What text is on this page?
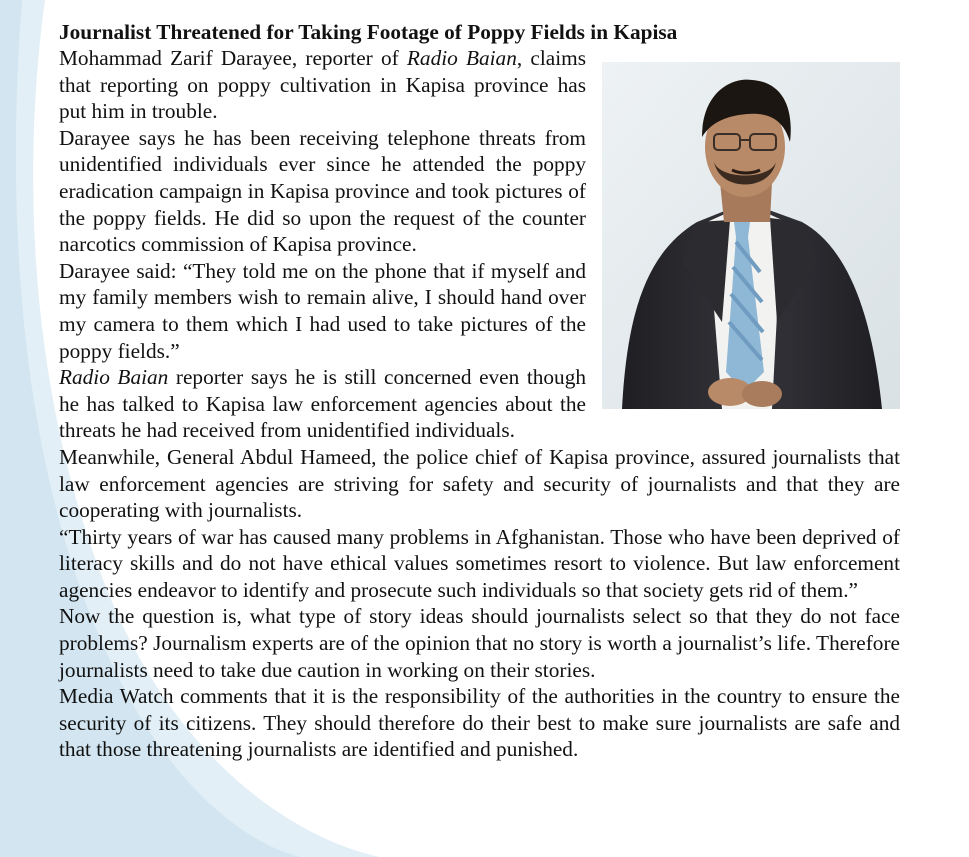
Journalist Threatened for Taking Footage of Poppy Fields in Kapisa

Mohammad Zarif Darayee, reporter of Radio Baian, claims that reporting on poppy cultivation in Kapisa province has put him in trouble.

Darayee says he has been receiving telephone threats from unidentified individuals ever since he attended the poppy eradication campaign in Kapisa province and took pictures of the poppy fields. He did so upon the request of the counter narcotics commission of Kapisa province.

Darayee said: “They told me on the phone that if myself and my family members wish to remain alive, I should hand over my camera to them which I had used to take pictures of the poppy fields.”

Radio Baian reporter says he is still concerned even though he has talked to Kapisa law enforcement agencies about the threats he had received from unidentified individuals.

Meanwhile, General Abdul Hameed, the police chief of Kapisa province, assured journalists that law enforcement agencies are striving for safety and security of journalists and that they are cooperating with journalists.

“Thirty years of war has caused many problems in Afghanistan. Those who have been deprived of literacy skills and do not have ethical values sometimes resort to violence. But law enforcement agencies endeavor to identify and prosecute such individuals so that society gets rid of them.”

Now the question is, what type of story ideas should journalists select so that they do not face problems? Journalism experts are of the opinion that no story is worth a journalist’s life. Therefore journalists need to take due caution in working on their stories.

Media Watch comments that it is the responsibility of the authorities in the country to ensure the security of its citizens. They should therefore do their best to make sure journalists are safe and that those threatening journalists are identified and punished.
